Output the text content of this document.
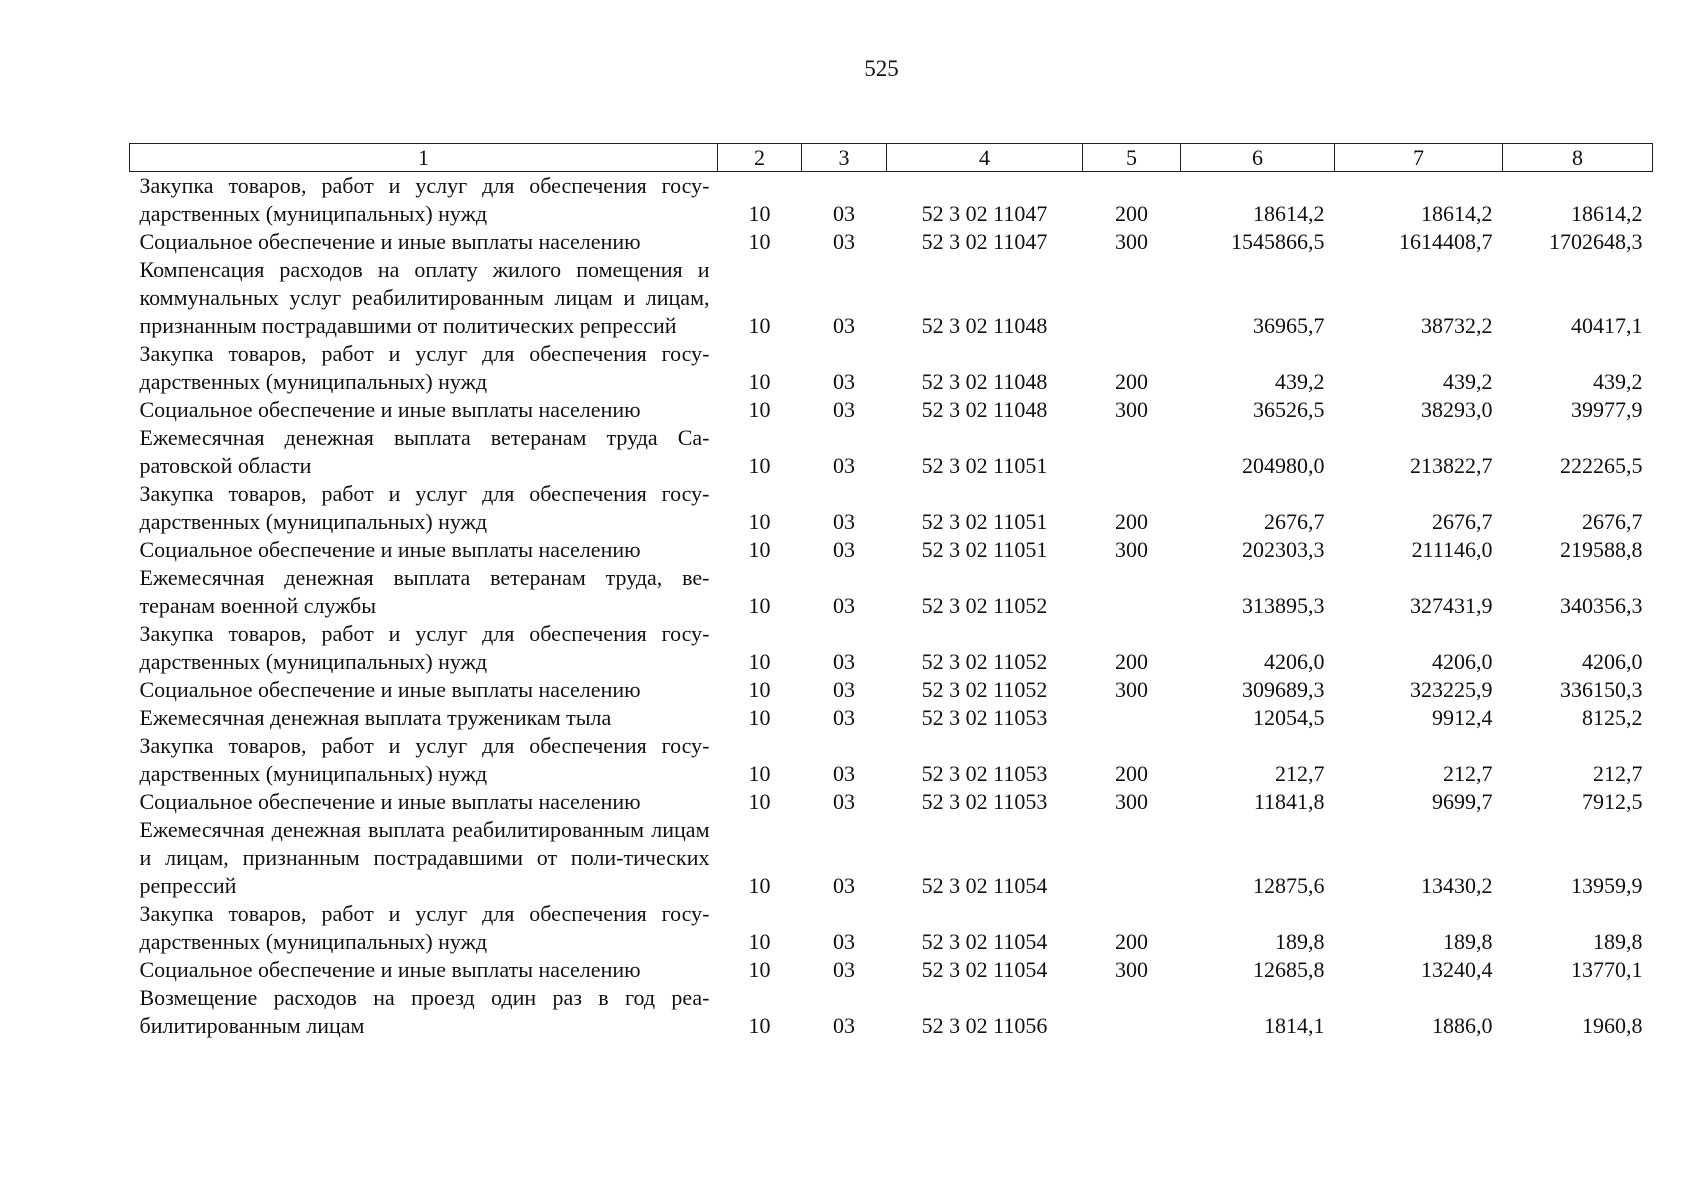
525
1	2	3	4	5	6	7	8
Закупка товаров, работ и услуг для обеспечения госу-дарственных (муниципальных) нужд	10	03	52 3 02 11047	200	18614,2	18614,2	18614,2
Социальное обеспечение и иные выплаты населению	10	03	52 3 02 11047	300	1545866,5	1614408,7	1702648,3
Компенсация расходов на оплату жилого помещения и коммунальных услуг реабилитированным лицам и лицам, признанным пострадавшими от политических репрессий	10	03	52 3 02 11048		36965,7	38732,2	40417,1
Закупка товаров, работ и услуг для обеспечения госу-дарственных (муниципальных) нужд	10	03	52 3 02 11048	200	439,2	439,2	439,2
Социальное обеспечение и иные выплаты населению	10	03	52 3 02 11048	300	36526,5	38293,0	39977,9
Ежемесячная денежная выплата ветеранам труда Са-ратовской области	10	03	52 3 02 11051		204980,0	213822,7	222265,5
Закупка товаров, работ и услуг для обеспечения госу-дарственных (муниципальных) нужд	10	03	52 3 02 11051	200	2676,7	2676,7	2676,7
Социальное обеспечение и иные выплаты населению	10	03	52 3 02 11051	300	202303,3	211146,0	219588,8
Ежемесячная денежная выплата ветеранам труда, ве-теранам военной службы	10	03	52 3 02 11052		313895,3	327431,9	340356,3
Закупка товаров, работ и услуг для обеспечения госу-дарственных (муниципальных) нужд	10	03	52 3 02 11052	200	4206,0	4206,0	4206,0
Социальное обеспечение и иные выплаты населению	10	03	52 3 02 11052	300	309689,3	323225,9	336150,3
Ежемесячная денежная выплата труженикам тыла	10	03	52 3 02 11053		12054,5	9912,4	8125,2
Закупка товаров, работ и услуг для обеспечения госу-дарственных (муниципальных) нужд	10	03	52 3 02 11053	200	212,7	212,7	212,7
Социальное обеспечение и иные выплаты населению	10	03	52 3 02 11053	300	11841,8	9699,7	7912,5
Ежемесячная денежная выплата реабилитированным лицам и лицам, признанным пострадавшими от поли-тических репрессий	10	03	52 3 02 11054		12875,6	13430,2	13959,9
Закупка товаров, работ и услуг для обеспечения госу-дарственных (муниципальных) нужд	10	03	52 3 02 11054	200	189,8	189,8	189,8
Социальное обеспечение и иные выплаты населению	10	03	52 3 02 11054	300	12685,8	13240,4	13770,1
Возмещение расходов на проезд один раз в год реа-билитированным лицам	10	03	52 3 02 11056		1814,1	1886,0	1960,8
